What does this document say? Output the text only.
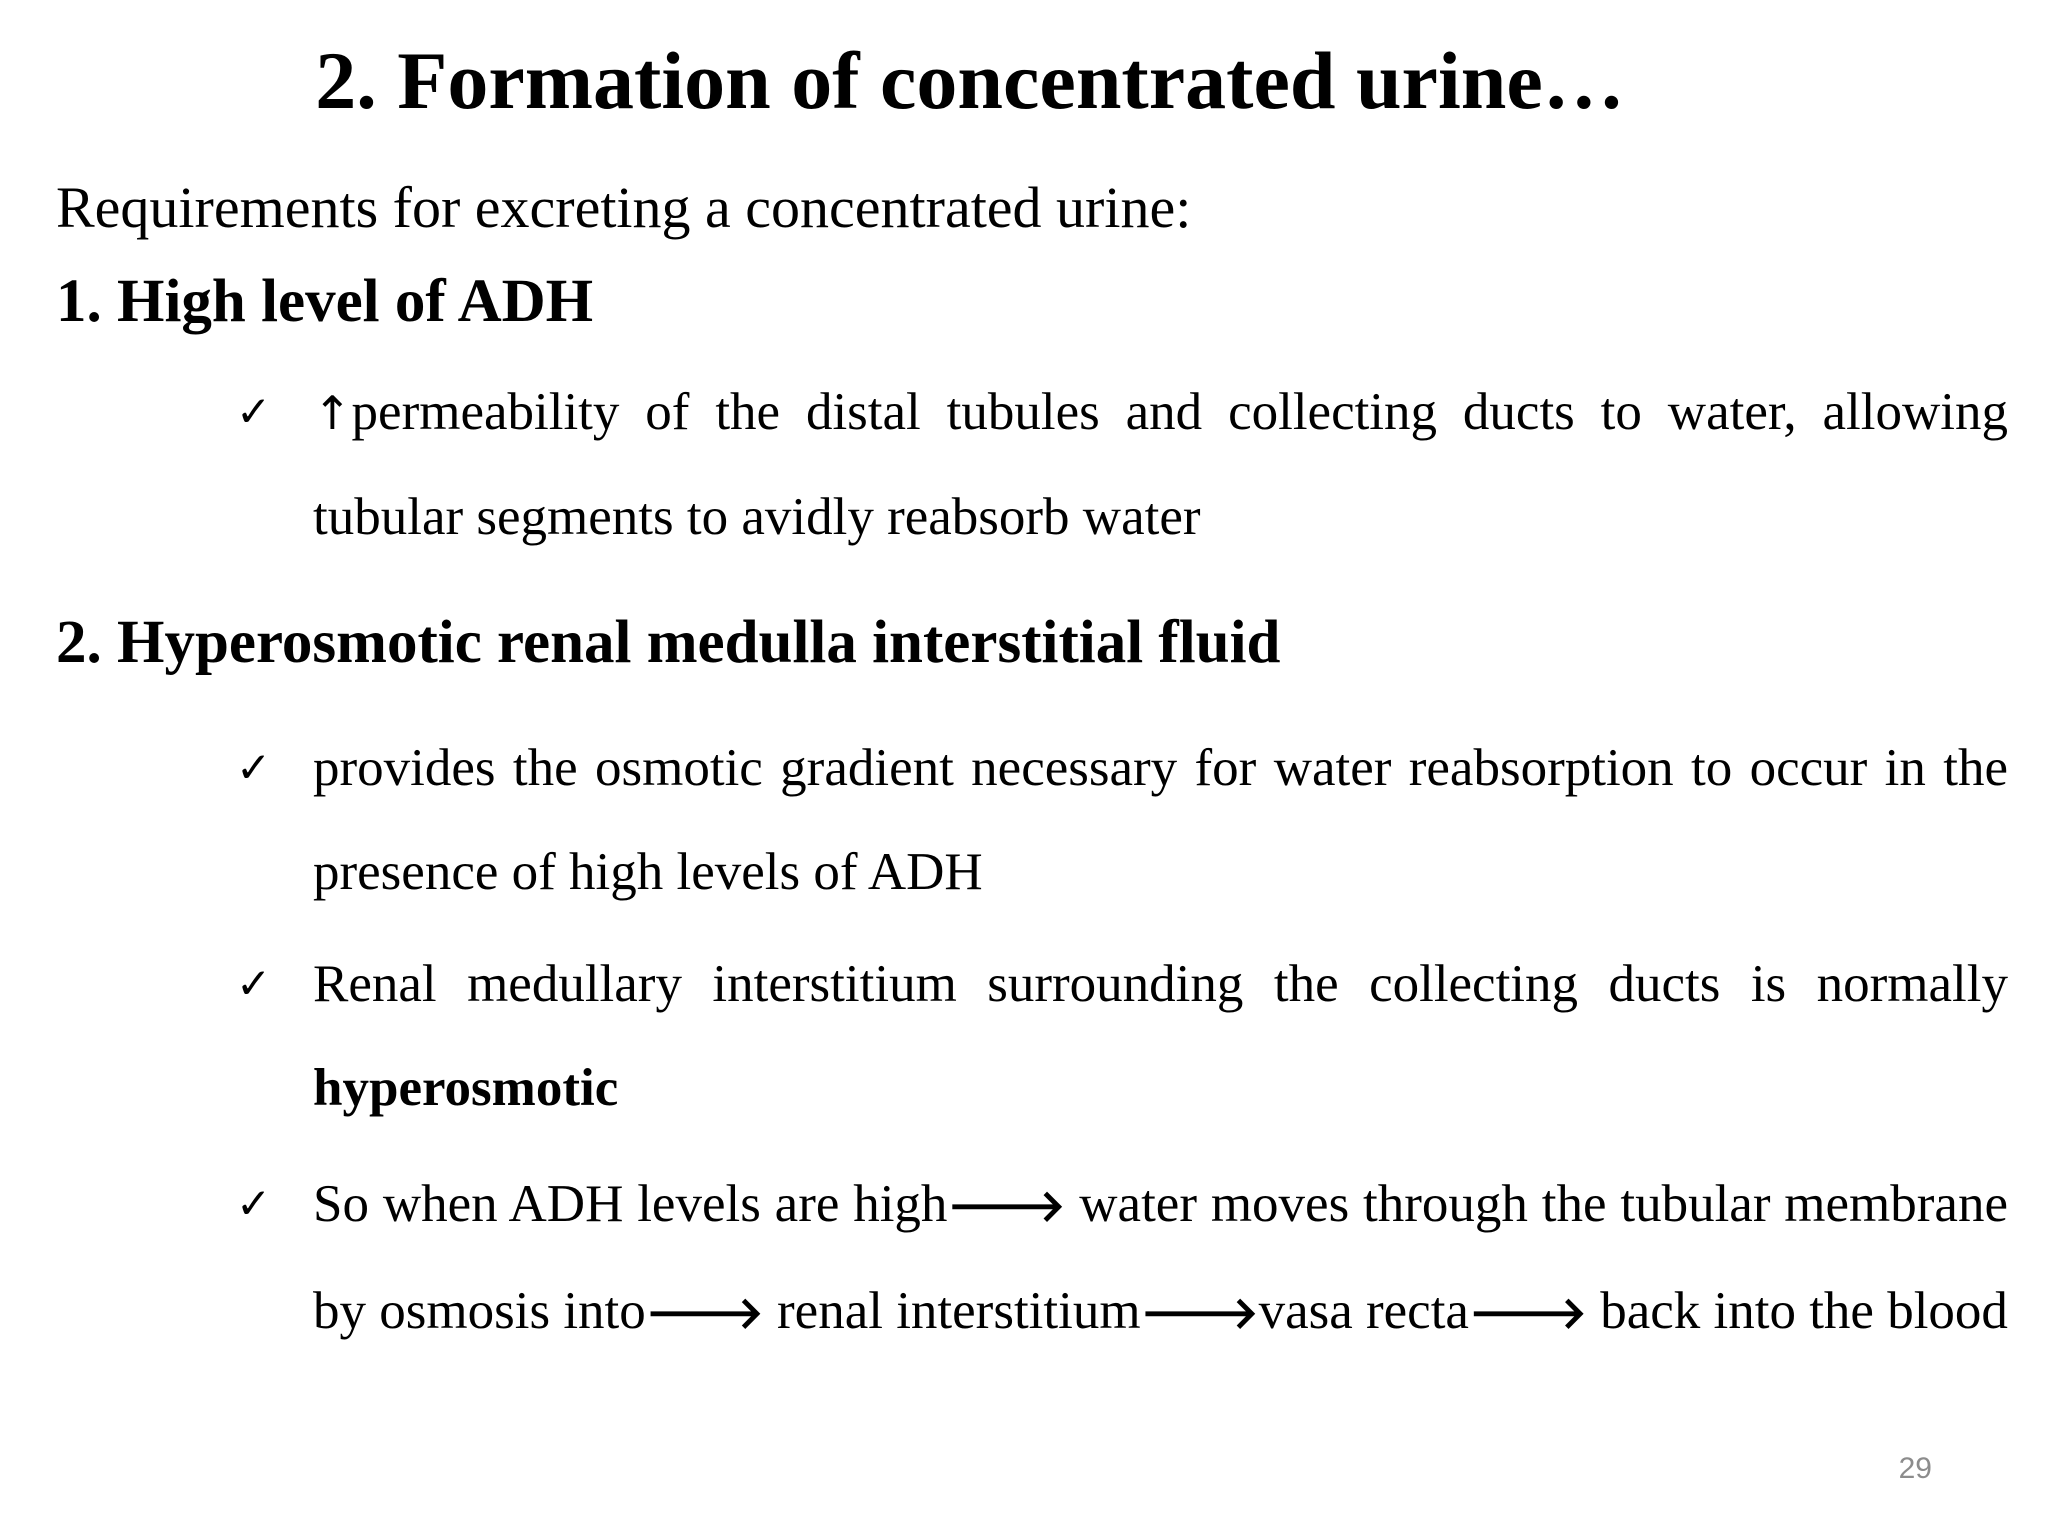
2. Formation of concentrated urine…
Requirements for excreting a concentrated urine:
1. High level of ADH
✓ ↑permeability of the distal tubules and collecting ducts to water, allowing tubular segments to avidly reabsorb water
2. Hyperosmotic renal medulla interstitial fluid
✓ provides the osmotic gradient necessary for water reabsorption to occur in the presence of high levels of ADH
✓ Renal medullary interstitium surrounding the collecting ducts is normally hyperosmotic
✓ So when ADH levels are high🡒 water moves through the tubular membrane by osmosis into🡒 renal interstitium🡒vasa recta🡒 back into the blood
29
